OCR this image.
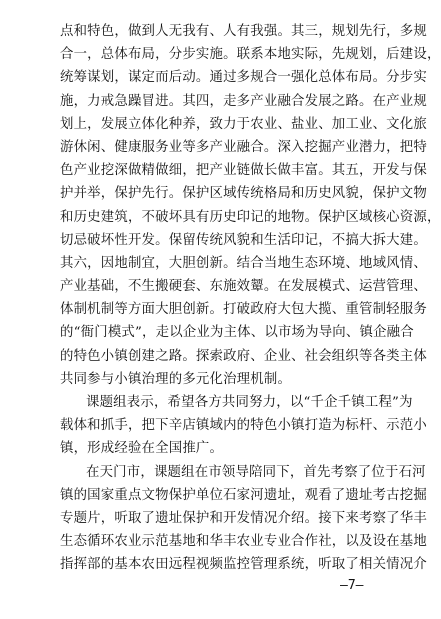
点和特色，做到人无我有、人有我强。其三，规划先行，多规
合一，总体布局，分步实施。联系本地实际，先规划，后建设，
统筹谋划，谋定而后动。通过多规合一强化总体布局。分步实
施，力戒急躁冒进。其四，走多产业融合发展之路。在产业规
划上，发展立体化种养，致力于农业、盐业、加工业、文化旅
游休闲、健康服务业等多产业融合。深入挖掘产业潜力，把特
色产业挖深做精做细，把产业链做长做丰富。其五，开发与保
护并举，保护先行。保护区域传统格局和历史风貌，保护文物
和历史建筑，不破坏具有历史印记的地物。保护区域核心资源，
切忌破坏性开发。保留传统风貌和生活印记，不搞大拆大建。
其六，因地制宜，大胆创新。结合当地生态环境、地域风情、
产业基础，不生搬硬套、东施效颦。在发展模式、运营管理、
体制机制等方面大胆创新。打破政府大包大揽、重管制轻服务
的“衙门模式”，走以企业为主体、以市场为导向、镇企融合
的特色小镇创建之路。探索政府、企业、社会组织等各类主体
共同参与小镇治理的多元化治理机制。
课题组表示，希望各方共同努力，以“千企千镇工程”为
载体和抓手，把下辛店镇域内的特色小镇打造为标杆、示范小
镇，形成经验在全国推广。
在天门市，课题组在市领导陪同下，首先考察了位于石河
镇的国家重点文物保护单位石家河遗址，观看了遗址考古挖掘
专题片，听取了遗址保护和开发情况介绍。接下来考察了华丰
生态循环农业示范基地和华丰农业专业合作社，以及设在基地
指挥部的基本农田远程视频监控管理系统，听取了相关情况介
—7—
